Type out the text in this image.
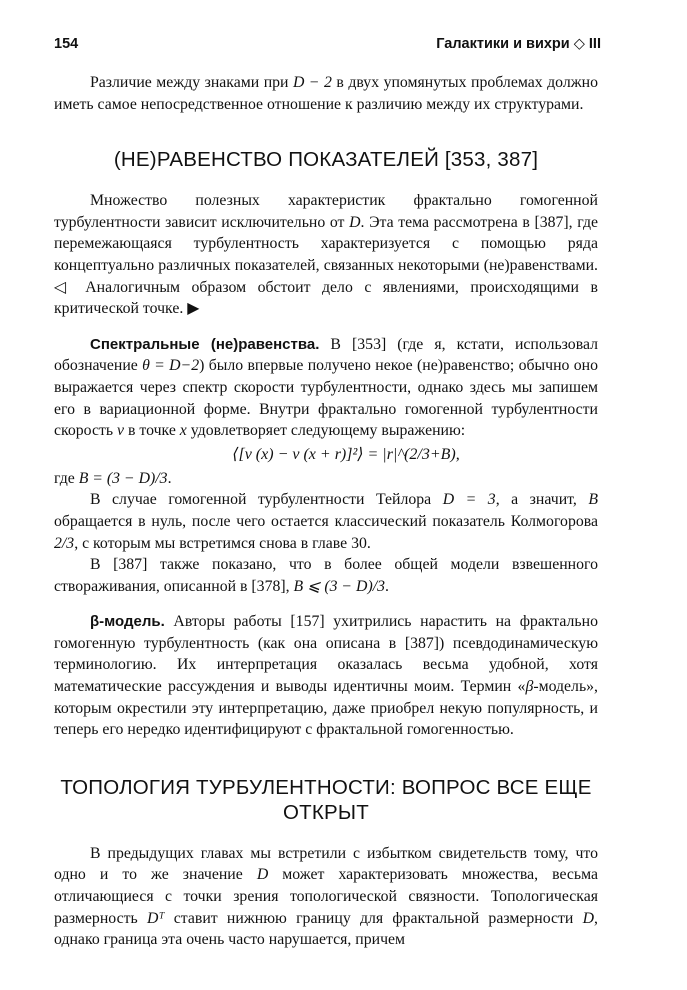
154	Галактики и вихри ◇ III

Различие между знаками при D − 2 в двух упомянутых проблемах должно иметь самое непосредственное отношение к различию между их структурами.

(НЕ)РАВЕНСТВО ПОКАЗАТЕЛЕЙ [353, 387]

Множество полезных характеристик фрактально гомогенной турбулентности зависит исключительно от D. Эта тема рассмотрена в [387], где перемежающаяся турбулентность характеризуется с помощью ряда концептуально различных показателей, связанных некоторыми (не)равенствами. ◁ Аналогичным образом обстоит дело с явлениями, происходящими в критической точке. ▶

Спектральные (не)равенства. В [353] (где я, кстати, использовал обозначение θ = D−2) было впервые получено некое (не)равенство; обычно оно выражается через спектр скорости турбулентности, однако здесь мы запишем его в вариационной форме. Внутри фрактально гомогенной турбулентности скорость v в точке x удовлетворяет следующему выражению:

⟨[v (x) − v (x + r)]²⟩ = |r|^(2/3+B),

где B = (3 − D)/3.

В случае гомогенной турбулентности Тейлора D = 3, а значит, B обращается в нуль, после чего остается классический показатель Колмогорова 2/3, с которым мы встретимся снова в главе 30.

В [387] также показано, что в более общей модели взвешенного створаживания, описанной в [378], B ⩽ (3 − D)/3.

β-модель. Авторы работы [157] ухитрились нарастить на фрактально гомогенную турбулентность (как она описана в [387]) псевдодинамическую терминологию. Их интерпретация оказалась весьма удобной, хотя математические рассуждения и выводы идентичны моим. Термин «β-модель», которым окрестили эту интерпретацию, даже приобрел некую популярность, и теперь его нередко идентифицируют с фрактальной гомогенностью.

ТОПОЛОГИЯ ТУРБУЛЕНТНОСТИ: ВОПРОС ВСЕ ЕЩЕ ОТКРЫТ

В предыдущих главах мы встретили с избытком свидетельств тому, что одно и то же значение D может характеризовать множества, весьма отличающиеся с точки зрения топологической связности. Топологическая размерность Dᵀ ставит нижнюю границу для фрактальной размерности D, однако граница эта очень часто нарушается, причем
